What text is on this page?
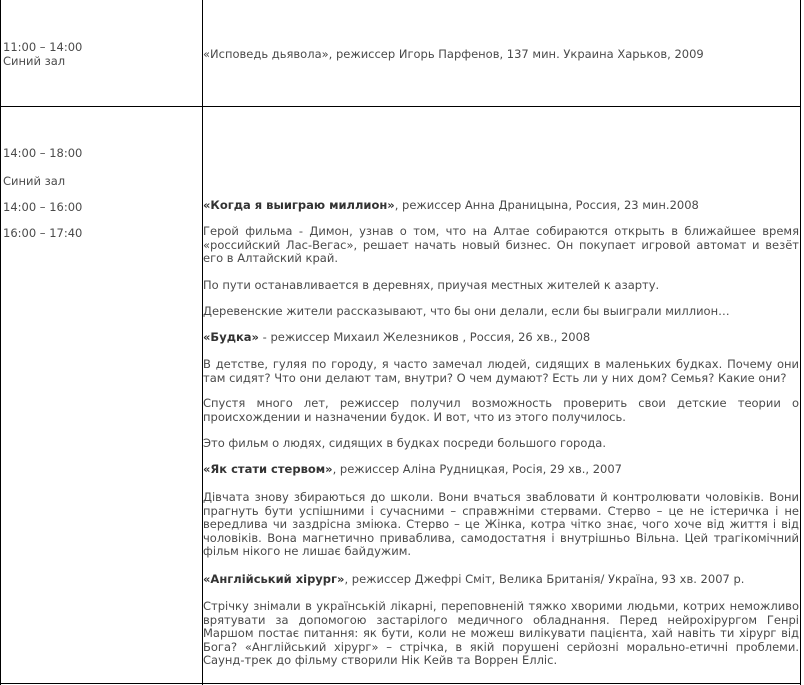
11:00 – 14:00
Синий зал	«Исповедь дьявола», режиссер Игорь Парфенов, 137 мин. Украина Харьков, 2009
14:00 – 18:00
Синий зал
14:00 – 16:00
16:00 – 17:40
«Когда я выиграю миллион», режиссер Анна Драницына, Россия, 23 мин.2008
Герой фильма - Димон, узнав о том, что на Алтае собираются открыть в ближайшее время «российский Лас-Вегас», решает начать новый бизнес. Он покупает игровой автомат и везёт его в Алтайский край.
По пути останавливается в деревнях, приучая местных жителей к азарту.
Деревенские жители рассказывают, что бы они делали, если бы выиграли миллион…
«Будка» - режиссер Михаил Железников , Россия, 26 хв., 2008
В детстве, гуляя по городу, я часто замечал людей, сидящих в маленьких будках. Почему они там сидят? Что они делают там, внутри? О чем думают? Есть ли у них дом? Семья? Какие они?
Спустя много лет, режиссер получил возможность проверить свои детские теории о происхождении и назначении будок. И вот, что из этого получилось.
Это фильм о людях, сидящих в будках посреди большого города.
«Як стати стервом», режиссер Аліна Рудницкая, Росія, 29 хв., 2007
Дівчата знову збираються до школи. Вони вчаться звабловати й контролювати чоловіків. Вони прагнуть бути успішними і сучасними – справжніми стервами. Стерво – це не істеричка і не вередлива чи заздрісна змiюка. Стерво – це Жінка, котра чітко знає, чого хоче від життя і від чоловіків. Вона магнетично приваблива, самодостатня і внутрішньо Вільна. Цей трагікомічний фільм нікого не лишає байдужим.
«Англійський хірург», режиссер Джефрі Сміт, Велика Британія/ Україна, 93 хв. 2007 р.
Стрічку знімали в українській лікарні, переповненій тяжко хворими людьми, котрих неможливо врятувати за допомогою застарілого медичного обладнання. Перед нейрохірургом Генрі Маршом постає питання: як бути, коли не можеш вилікувати пацієнта, хай навіть ти хірург від Бога? «Англійський хірург» – стрічка, в якій порушені серйозні морально-етичні проблеми. Саунд-трек до фільму створили Нік Кейв та Воррен Елліс.
